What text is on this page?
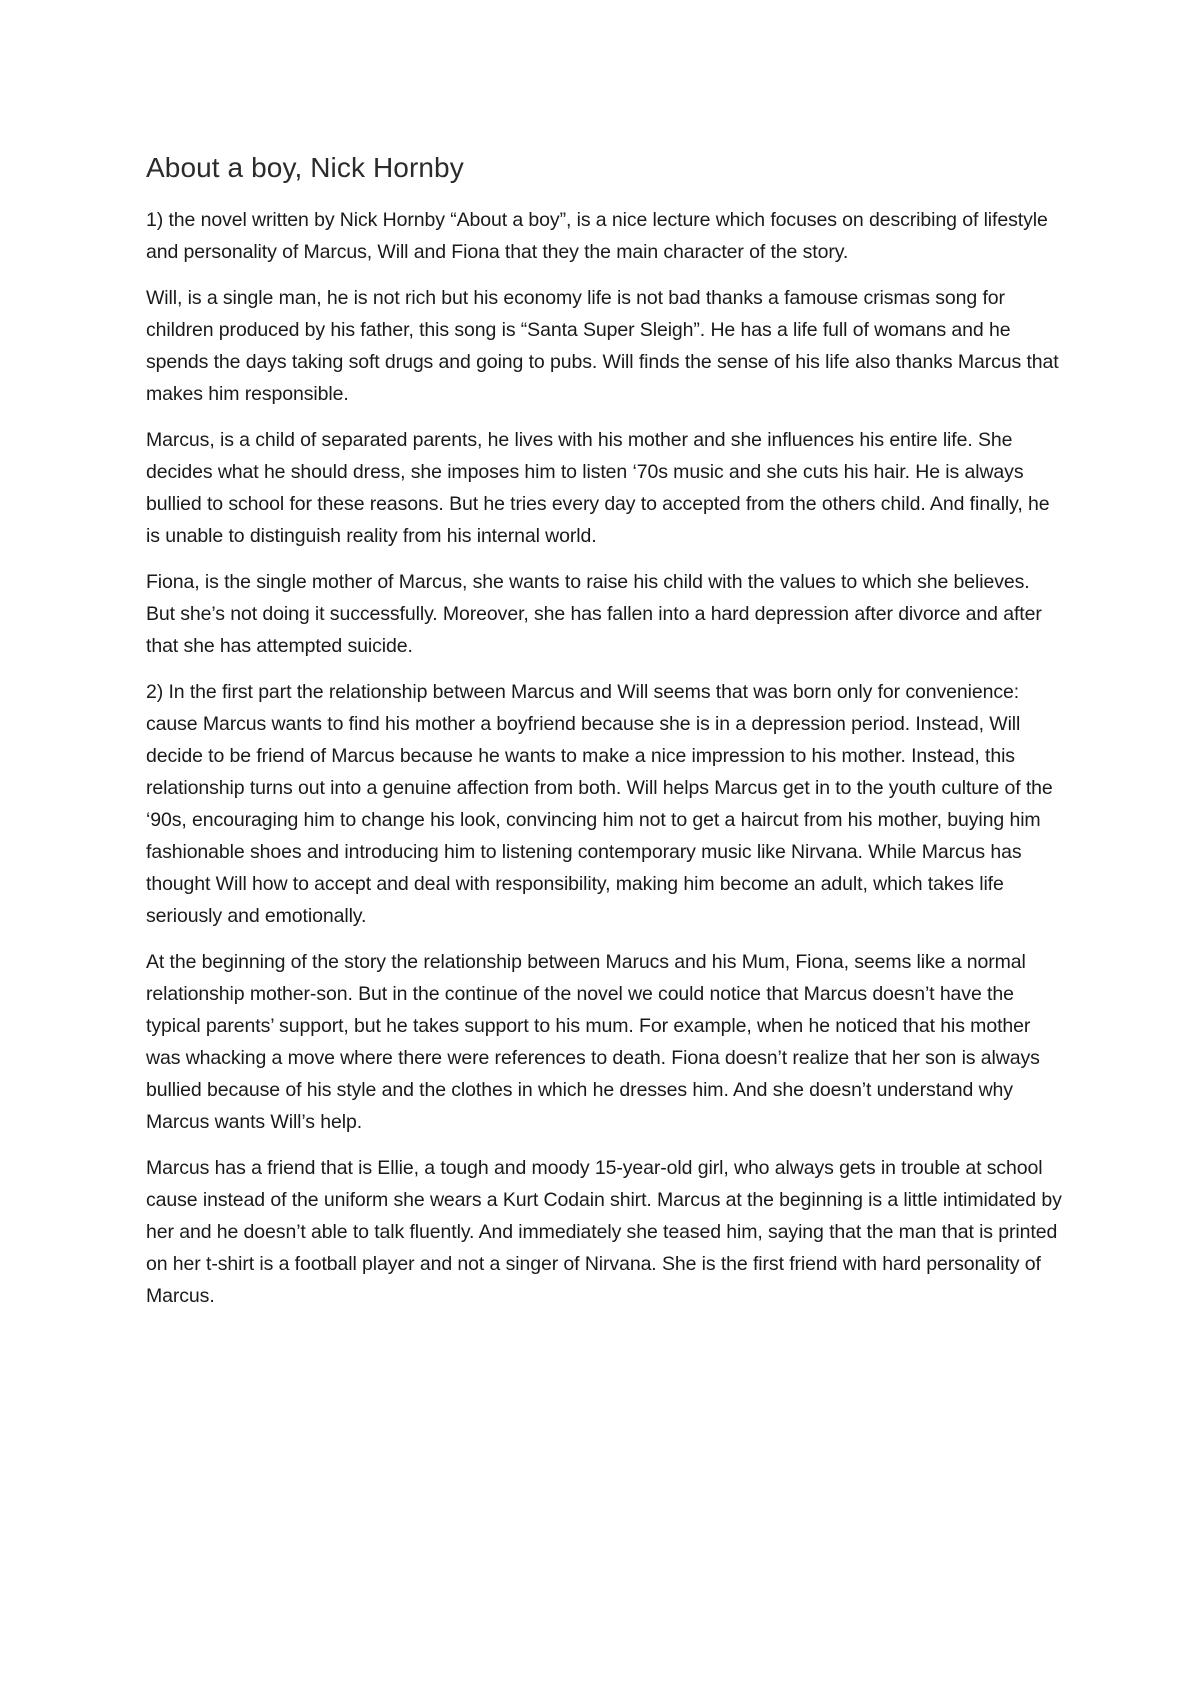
About a boy, Nick Hornby

1) the novel written by Nick Hornby “About a boy”, is a nice lecture which focuses on describing of lifestyle and personality of Marcus, Will and Fiona that they the main character of the story.

Will, is a single man, he is not rich but his economy life is not bad thanks a famouse crismas song for children produced by his father, this song is “Santa Super Sleigh”. He has a life full of womans and he spends the days taking soft drugs and going to pubs. Will finds the sense of his life also thanks Marcus that makes him responsible.

Marcus, is a child of separated parents, he lives with his mother and she influences his entire life. She decides what he should dress, she imposes him to listen ‘70s music and she cuts his hair. He is always bullied to school for these reasons. But he tries every day to accepted from the others child. And finally, he is unable to distinguish reality from his internal world.

Fiona, is the single mother of Marcus, she wants to raise his child with the values to which she believes. But she’s not doing it successfully. Moreover, she has fallen into a hard depression after divorce and after that she has attempted suicide.

2) In the first part the relationship between Marcus and Will seems that was born only for convenience: cause Marcus wants to find his mother a boyfriend because she is in a depression period. Instead, Will decide to be friend of Marcus because he wants to make a nice impression to his mother. Instead, this relationship turns out into a genuine affection from both. Will helps Marcus get in to the youth culture of the ‘90s, encouraging him to change his look, convincing him not to get a haircut from his mother, buying him fashionable shoes and introducing him to listening contemporary music like Nirvana. While Marcus has thought Will how to accept and deal with responsibility, making him become an adult, which takes life seriously and emotionally.

At the beginning of the story the relationship between Marucs and his Mum, Fiona, seems like a normal relationship mother-son. But in the continue of the novel we could notice that Marcus doesn’t have the typical parents’ support, but he takes support to his mum. For example, when he noticed that his mother was whacking a move where there were references to death. Fiona doesn’t realize that her son is always bullied because of his style and the clothes in which he dresses him. And she doesn’t understand why Marcus wants Will’s help.

Marcus has a friend that is Ellie, a tough and moody 15-year-old girl, who always gets in trouble at school cause instead of the uniform she wears a Kurt Codain shirt. Marcus at the beginning is a little intimidated by her and he doesn’t able to talk fluently. And immediately she teased him, saying that the man that is printed on her t-shirt is a football player and not a singer of Nirvana. She is the first friend with hard personality of Marcus.
